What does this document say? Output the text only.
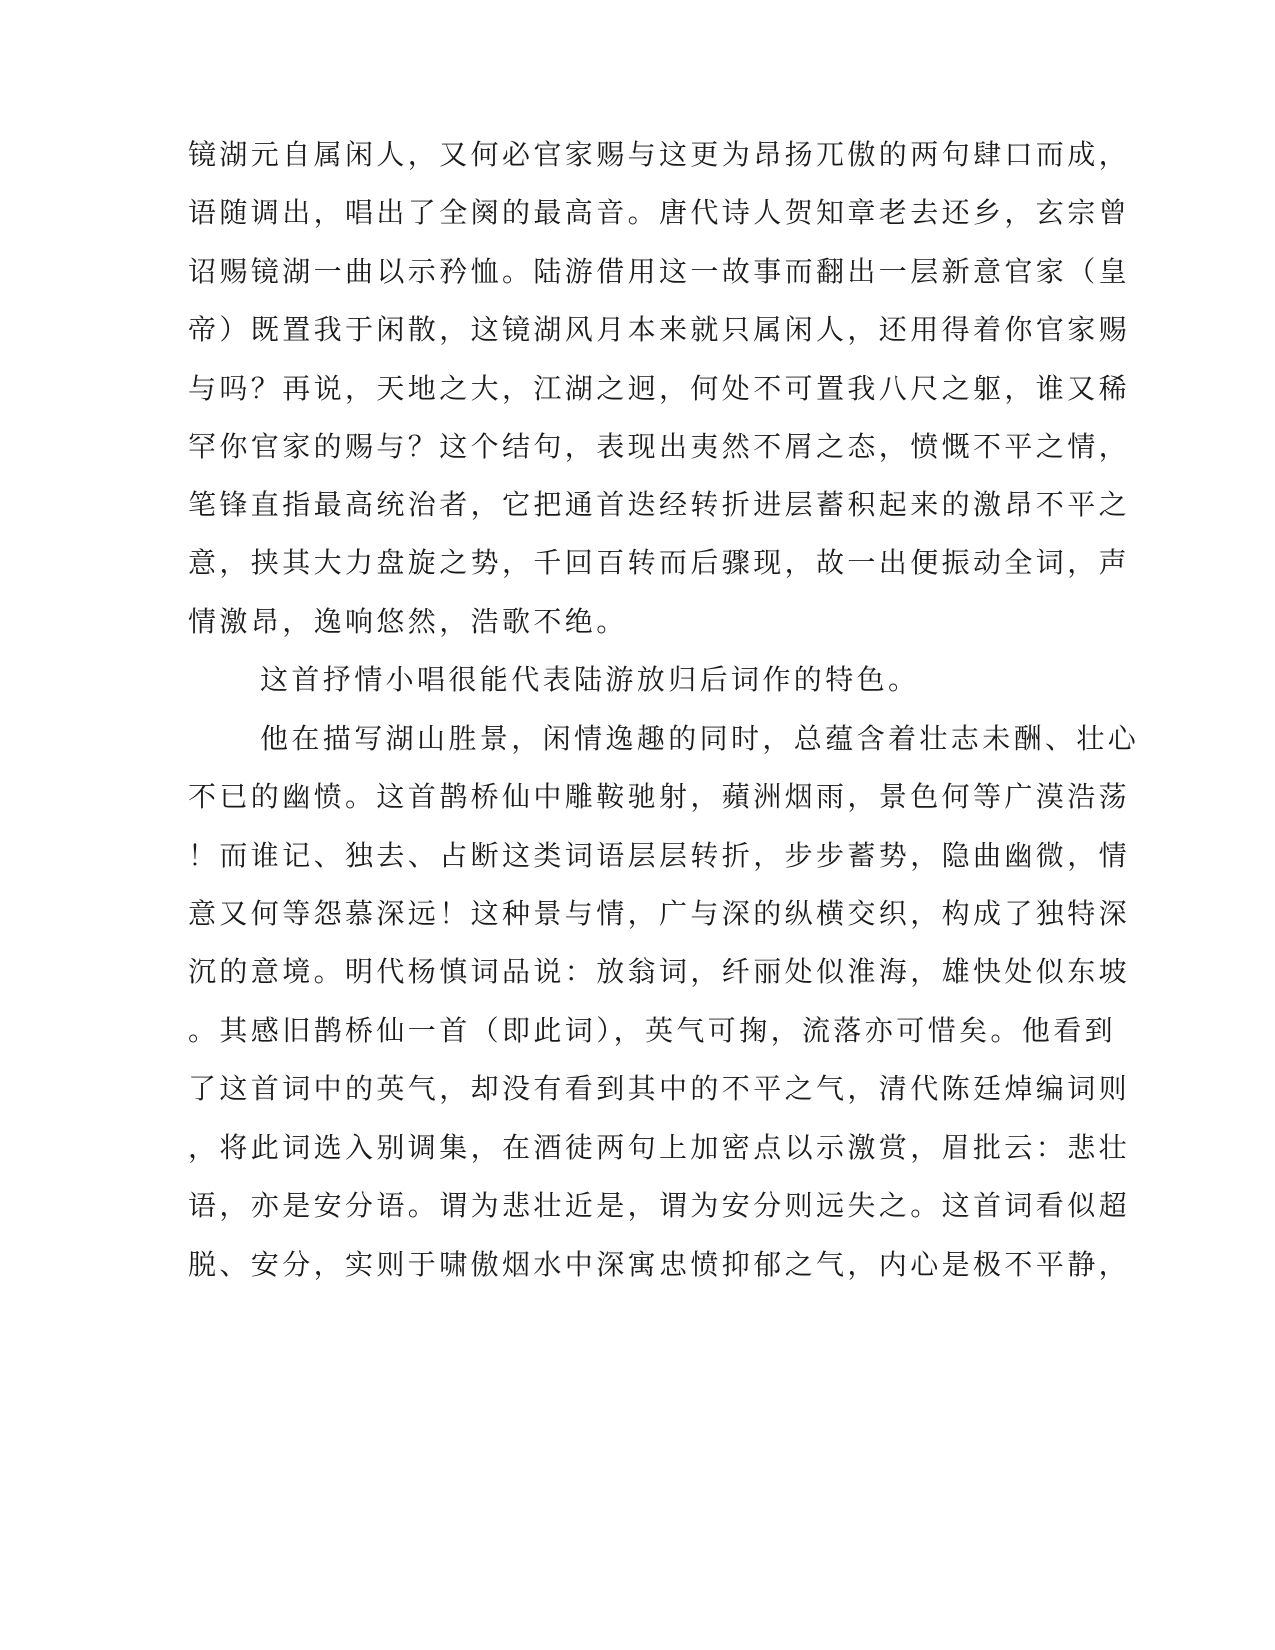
镜湖元自属闲人，又何必官家赐与这更为昂扬兀傲的两句肆口而成，
语随调出，唱出了全阕的最高音。唐代诗人贺知章老去还乡，玄宗曾
诏赐镜湖一曲以示矜恤。陆游借用这一故事而翻出一层新意官家（皇
帝）既置我于闲散，这镜湖风月本来就只属闲人，还用得着你官家赐
与吗？再说，天地之大，江湖之迥，何处不可置我八尺之躯，谁又稀
罕你官家的赐与？这个结句，表现出夷然不屑之态，愤慨不平之情，
笔锋直指最高统治者，它把通首迭经转折进层蓄积起来的激昂不平之
意，挟其大力盘旋之势，千回百转而后骤现，故一出便振动全词，声
情激昂，逸响悠然，浩歌不绝。
这首抒情小唱很能代表陆游放归后词作的特色。
他在描写湖山胜景，闲情逸趣的同时，总蕴含着壮志未酬、壮心
不已的幽愤。这首鹊桥仙中雕鞍驰射，蘋洲烟雨，景色何等广漠浩荡
！而谁记、独去、占断这类词语层层转折，步步蓄势，隐曲幽微，情
意又何等怨慕深远！这种景与情，广与深的纵横交织，构成了独特深
沉的意境。明代杨慎词品说：放翁词，纤丽处似淮海，雄快处似东坡
。其感旧鹊桥仙一首（即此词），英气可掬，流落亦可惜矣。他看到
了这首词中的英气，却没有看到其中的不平之气，清代陈廷焯编词则
，将此词选入别调集，在酒徒两句上加密点以示激赏，眉批云：悲壮
语，亦是安分语。谓为悲壮近是，谓为安分则远失之。这首词看似超
脱、安分，实则于啸傲烟水中深寓忠愤抑郁之气，内心是极不平静，
